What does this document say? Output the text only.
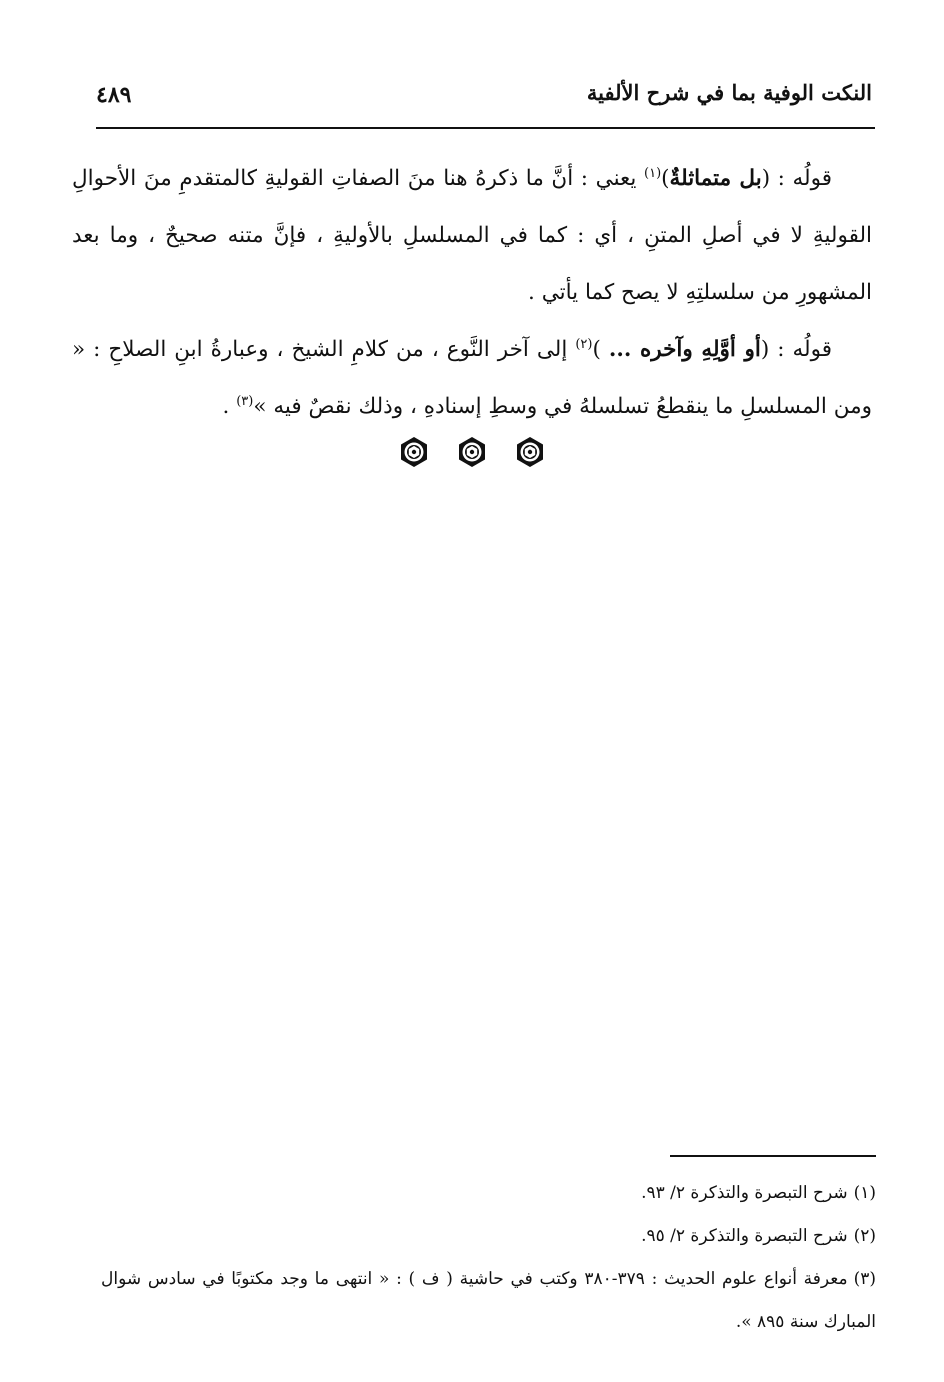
النكت الوفية بما في شرح الألفية
٤٨٩

قولُه : (بل متماثلةٌ)$^{(١)}$ يعني : أنَّ ما ذكرهُ هنا منَ الصفاتِ القوليةِ كالمتقدمِ منَ الأحوالِ القوليةِ لا في أصلِ المتنِ ، أي : كما في المسلسلِ بالأوليةِ ، فإنَّ متنه صحيحٌ ، وما بعد المشهورِ من سلسلتِهِ لا يصح كما يأتي .

قولُه : (أو أوَّلِهِ وآخره ... )$^{(٢)}$ إلى آخر النَّوع ، من كلامِ الشيخ ، وعبارةُ ابنِ الصلاحِ : « ومن المسلسلِ ما ينقطعُ تسلسلهُ في وسطِ إسنادهِ ، وذلك نقصٌ فيه »$^{(٣)}$ .

(١)شرح التبصرة والتذكرة ٢/ ٩٣.

(٢)شرح التبصرة والتذكرة ٢/ ٩٥.

(٣)معرفة أنواع علوم الحديث : ٣٧٩-٣٨٠ وكتب في حاشية ( ف ) : « انتهى ما وجد مكتوبًا في سادس شوال المبارك سنة ٨٩٥ ».
